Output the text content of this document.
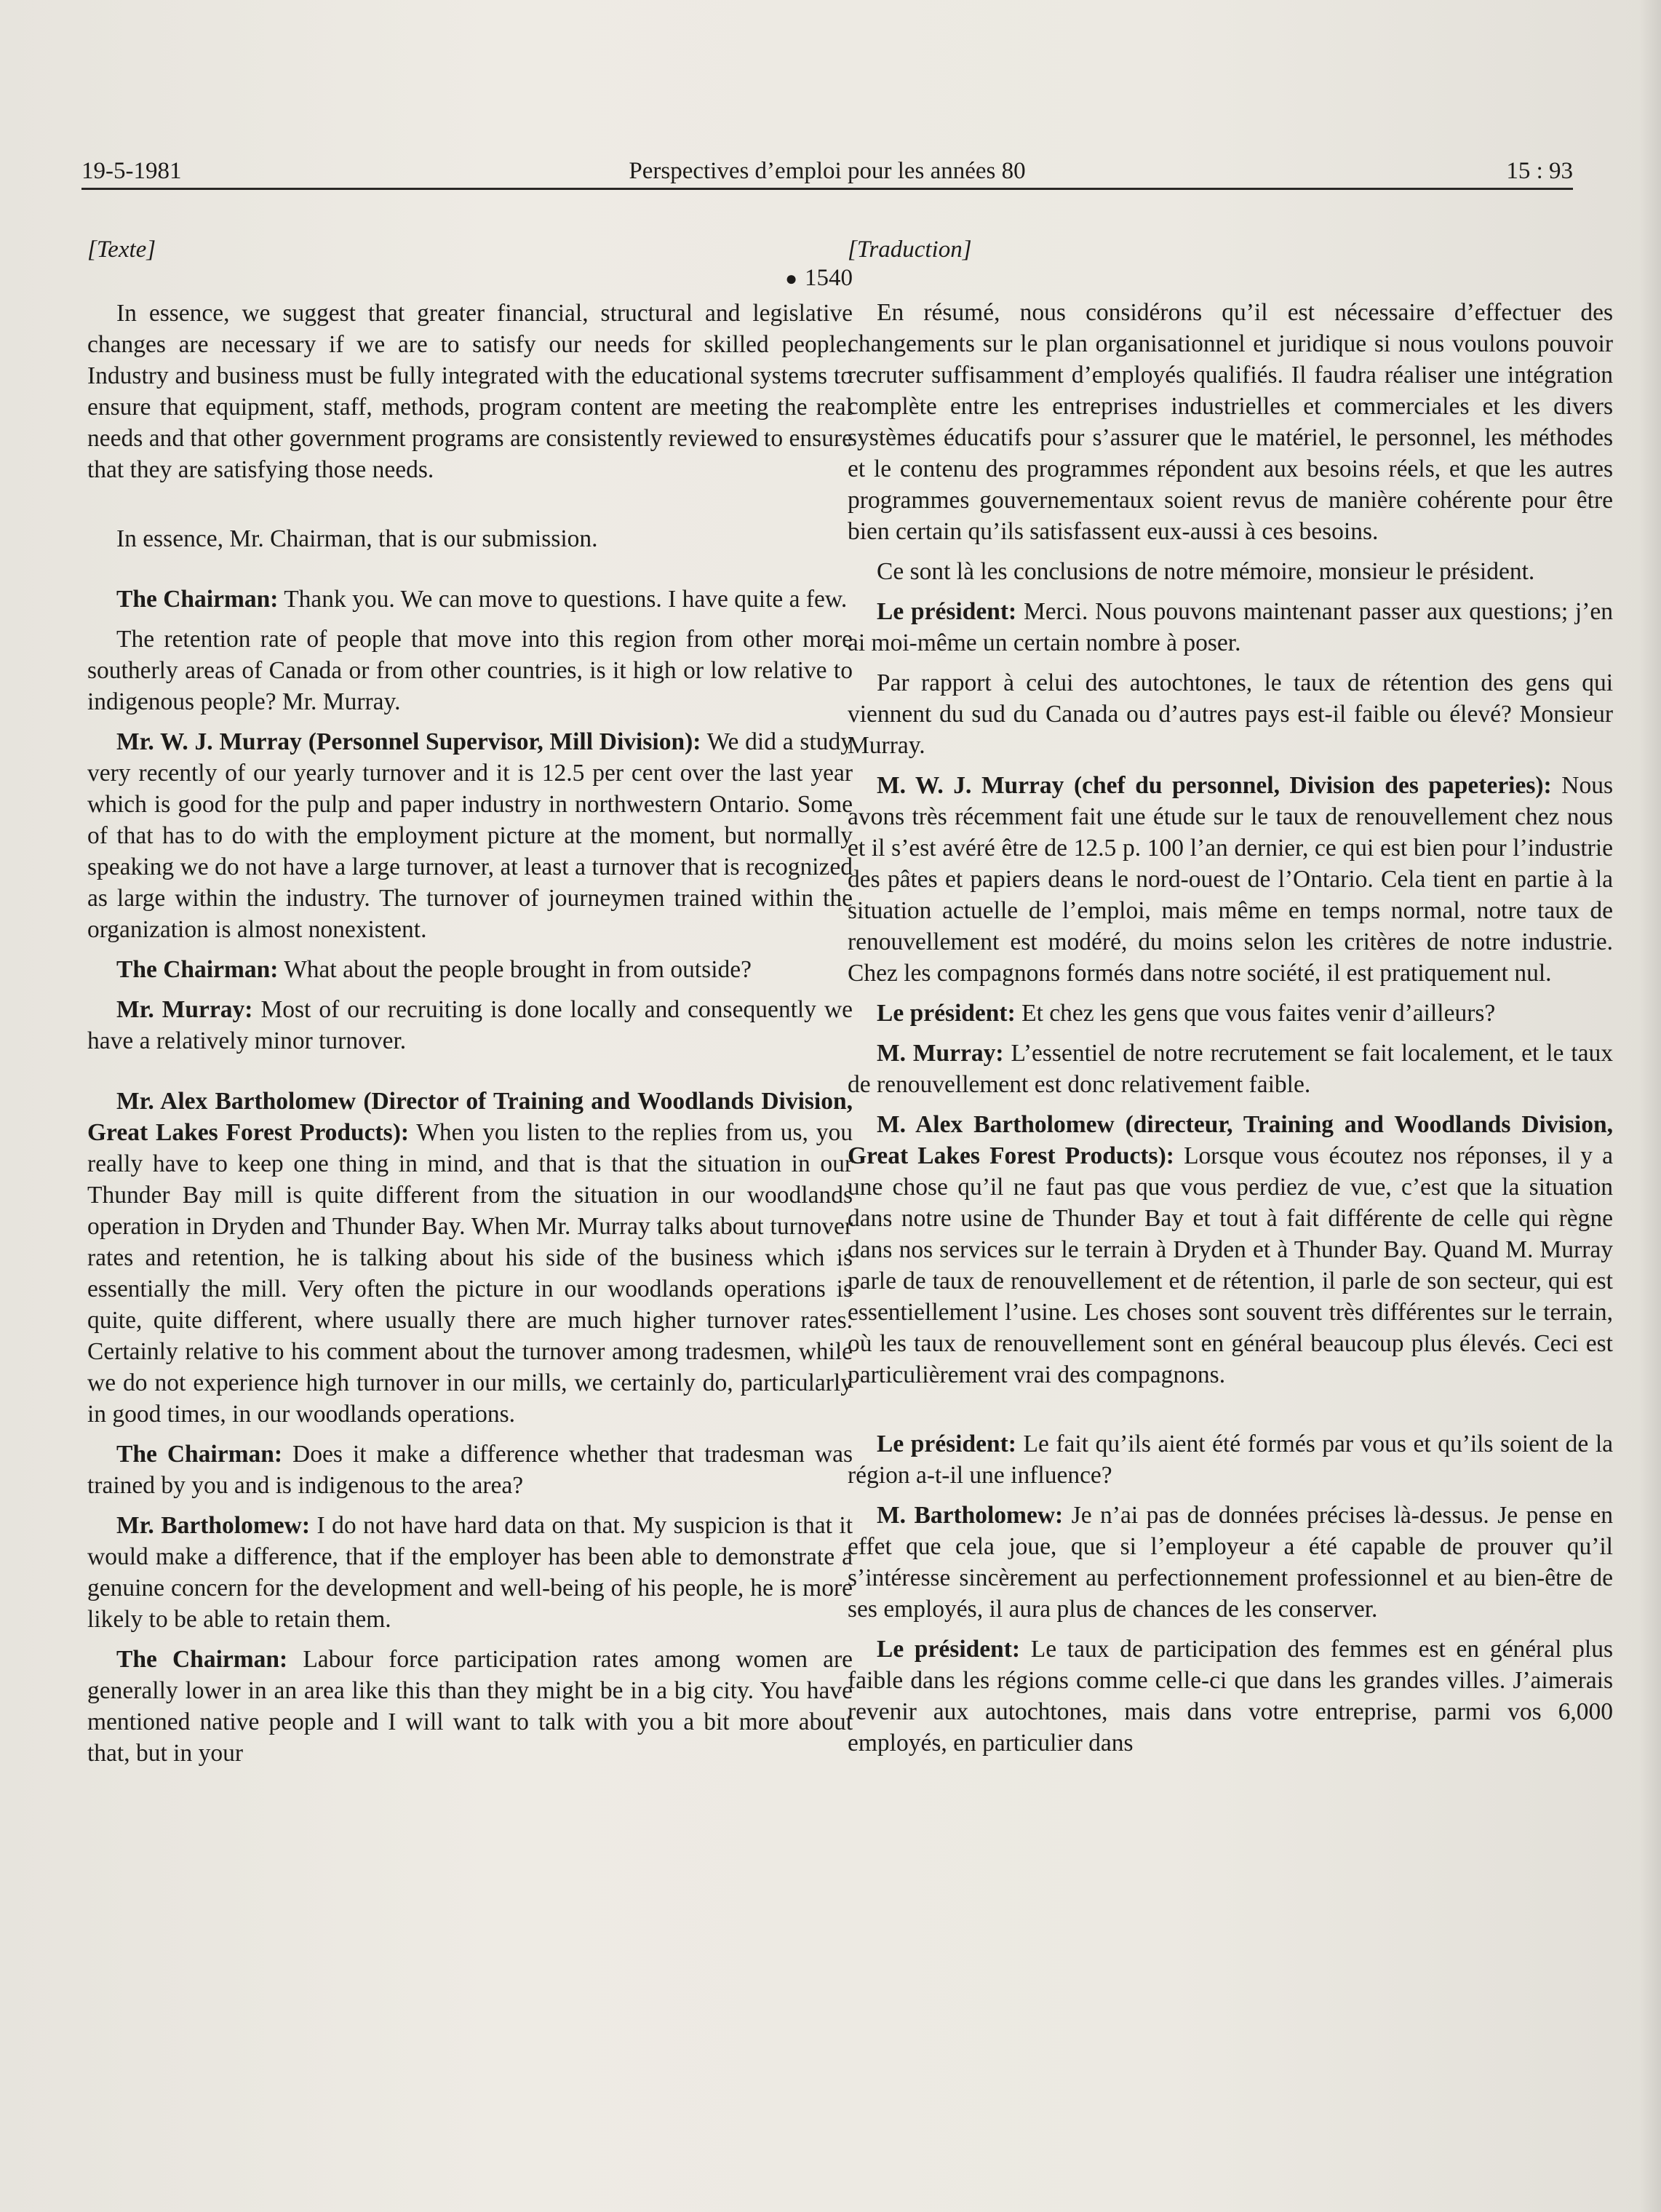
19-5-1981	Perspectives d’emploi pour les années 80	15 : 93
[Texte]
● 1540

In essence, we suggest that greater financial, structural and legislative changes are necessary if we are to satisfy our needs for skilled people. Industry and business must be fully integrated with the educational systems to ensure that equipment, staff, methods, program content are meeting the real needs and that other government programs are consistently reviewed to ensure that they are satisfying those needs.

In essence, Mr. Chairman, that is our submission.

The Chairman: Thank you. We can move to questions. I have quite a few.

The retention rate of people that move into this region from other more southerly areas of Canada or from other countries, is it high or low relative to indigenous people? Mr. Murray.

Mr. W. J. Murray (Personnel Supervisor, Mill Division): We did a study very recently of our yearly turnover and it is 12.5 per cent over the last year which is good for the pulp and paper industry in northwestern Ontario. Some of that has to do with the employment picture at the moment, but normally speaking we do not have a large turnover, at least a turnover that is recognized as large within the industry. The turnover of journeymen trained within the organization is almost nonexistent.

The Chairman: What about the people brought in from outside?

Mr. Murray: Most of our recruiting is done locally and consequently we have a relatively minor turnover.

Mr. Alex Bartholomew (Director of Training and Woodlands Division, Great Lakes Forest Products): When you listen to the replies from us, you really have to keep one thing in mind, and that is that the situation in our Thunder Bay mill is quite different from the situation in our woodlands operation in Dryden and Thunder Bay. When Mr. Murray talks about turnover rates and retention, he is talking about his side of the business which is essentially the mill. Very often the picture in our woodlands operations is quite, quite different, where usually there are much higher turnover rates. Certainly relative to his comment about the turnover among tradesmen, while we do not experience high turnover in our mills, we certainly do, particularly in good times, in our woodlands operations.

The Chairman: Does it make a difference whether that tradesman was trained by you and is indigenous to the area?

Mr. Bartholomew: I do not have hard data on that. My suspicion is that it would make a difference, that if the employer has been able to demonstrate a genuine concern for the development and well-being of his people, he is more likely to be able to retain them.

The Chairman: Labour force participation rates among women are generally lower in an area like this than they might be in a big city. You have mentioned native people and I will want to talk with you a bit more about that, but in your

[Traduction]

En résumé, nous considérons qu’il est nécessaire d’effectuer des changements sur le plan organisationnel et juridique si nous voulons pouvoir recruter suffisamment d’employés qualifiés. Il faudra réaliser une intégration complète entre les entreprises industrielles et commerciales et les divers systèmes éducatifs pour s’assurer que le matériel, le personnel, les méthodes et le contenu des programmes répondent aux besoins réels, et que les autres programmes gouvernementaux soient revus de manière cohérente pour être bien certain qu’ils satisfassent eux-aussi à ces besoins.

Ce sont là les conclusions de notre mémoire, monsieur le président.

Le président: Merci. Nous pouvons maintenant passer aux questions; j’en ai moi-même un certain nombre à poser.

Par rapport à celui des autochtones, le taux de rétention des gens qui viennent du sud du Canada ou d’autres pays est-il faible ou élevé? Monsieur Murray.

M. W. J. Murray (chef du personnel, Division des papeteries): Nous avons très récemment fait une étude sur le taux de renouvellement chez nous et il s’est avéré être de 12.5 p. 100 l’an dernier, ce qui est bien pour l’industrie des pâtes et papiers deans le nord-ouest de l’Ontario. Cela tient en partie à la situation actuelle de l’emploi, mais même en temps normal, notre taux de renouvellement est modéré, du moins selon les critères de notre industrie. Chez les compagnons formés dans notre société, il est pratiquement nul.

Le président: Et chez les gens que vous faites venir d’ailleurs?

M. Murray: L’essentiel de notre recrutement se fait localement, et le taux de renouvellement est donc relativement faible.

M. Alex Bartholomew (directeur, Training and Woodlands Division, Great Lakes Forest Products): Lorsque vous écoutez nos réponses, il y a une chose qu’il ne faut pas que vous perdiez de vue, c’est que la situation dans notre usine de Thunder Bay et tout à fait différente de celle qui règne dans nos services sur le terrain à Dryden et à Thunder Bay. Quand M. Murray parle de taux de renouvellement et de rétention, il parle de son secteur, qui est essentiellement l’usine. Les choses sont souvent très différentes sur le terrain, où les taux de renouvellement sont en général beaucoup plus élevés. Ceci est particulièrement vrai des compagnons.

Le président: Le fait qu’ils aient été formés par vous et qu’ils soient de la région a-t-il une influence?

M. Bartholomew: Je n’ai pas de données précises là-dessus. Je pense en effet que cela joue, que si l’employeur a été capable de prouver qu’il s’intéresse sincèrement au perfectionnement professionnel et au bien-être de ses employés, il aura plus de chances de les conserver.

Le président: Le taux de participation des femmes est en général plus faible dans les régions comme celle-ci que dans les grandes villes. J’aimerais revenir aux autochtones, mais dans votre entreprise, parmi vos 6,000 employés, en particulier dans
